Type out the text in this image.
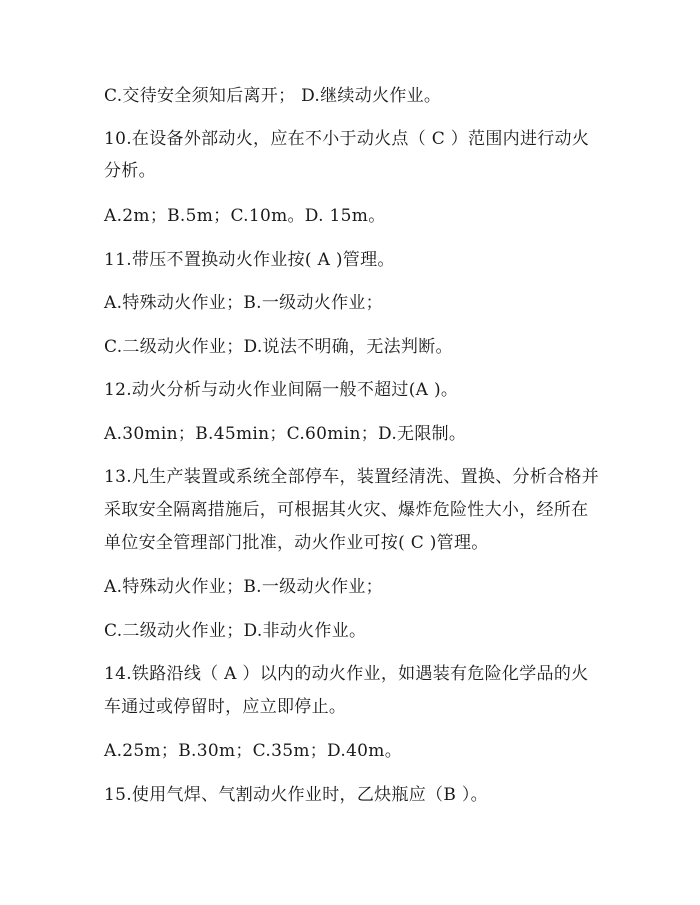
C.交待安全须知后离开； D.继续动火作业。
10.在设备外部动火，应在不小于动火点（ C ）范围内进行动火
分析。
A.2m；B.5m；C.10m。D. 15m。
11.带压不置换动火作业按( A )管理。
A.特殊动火作业；B.一级动火作业；
C.二级动火作业；D.说法不明确，无法判断。
12.动火分析与动火作业间隔一般不超过(A )。
A.30min；B.45min；C.60min；D.无限制。
13.凡生产装置或系统全部停车，装置经清洗、置换、分析合格并
采取安全隔离措施后，可根据其火灾、爆炸危险性大小，经所在
单位安全管理部门批准，动火作业可按( C )管理。
A.特殊动火作业；B.一级动火作业；
C.二级动火作业；D.非动火作业。
14.铁路沿线（ A ）以内的动火作业，如遇装有危险化学品的火
车通过或停留时，应立即停止。
A.25m；B.30m；C.35m；D.40m。
15.使用气焊、气割动火作业时，乙炔瓶应（B ）。
